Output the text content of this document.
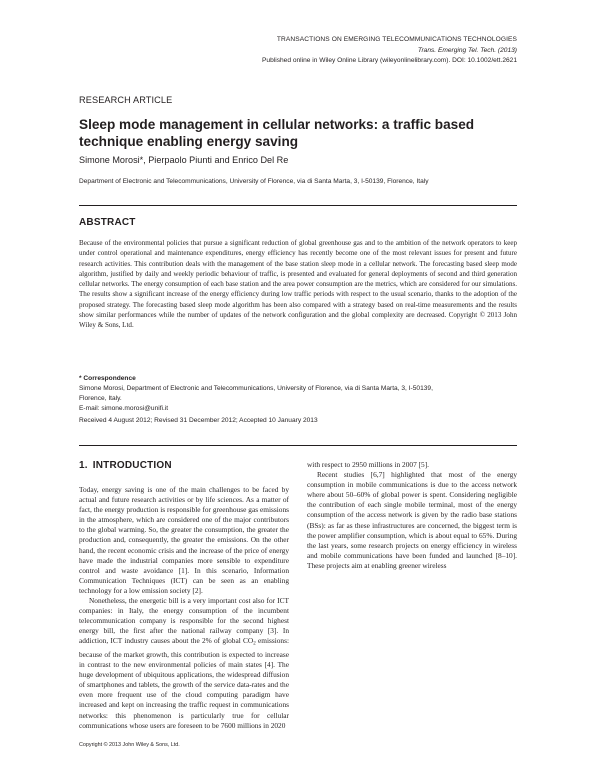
TRANSACTIONS ON EMERGING TELECOMMUNICATIONS TECHNOLOGIES
Trans. Emerging Tel. Tech. (2013)
Published online in Wiley Online Library (wileyonlinelibrary.com). DOI: 10.1002/ett.2621
RESEARCH ARTICLE
Sleep mode management in cellular networks: a traffic based technique enabling energy saving
Simone Morosi*, Pierpaolo Piunti and Enrico Del Re
Department of Electronic and Telecommunications, University of Florence, via di Santa Marta, 3, I-50139, Florence, Italy
ABSTRACT

Because of the environmental policies that pursue a significant reduction of global greenhouse gas and to the ambition of the network operators to keep under control operational and maintenance expenditures, energy efficiency has recently become one of the most relevant issues for present and future research activities. This contribution deals with the management of the base station sleep mode in a cellular network. The forecasting based sleep mode algorithm, justified by daily and weekly periodic behaviour of traffic, is presented and evaluated for general deployments of second and third generation cellular networks. The energy consumption of each base station and the area power consumption are the metrics, which are considered for our simulations. The results show a significant increase of the energy efficiency during low traffic periods with respect to the usual scenario, thanks to the adoption of the proposed strategy. The forecasting based sleep mode algorithm has been also compared with a strategy based on real-time measurements and the results show similar performances while the number of updates of the network configuration and the global complexity are decreased. Copyright © 2013 John Wiley & Sons, Ltd.

* Correspondence
Simone Morosi, Department of Electronic and Telecommunications, University of Florence, via di Santa Marta, 3, I-50139,
Florence, Italy.
E-mail: simone.morosi@unifi.it
Received 4 August 2012; Revised 31 December 2012; Accepted 10 January 2013
1. INTRODUCTION

Today, energy saving is one of the main challenges to be faced by actual and future research activities or by life sciences. As a matter of fact, the energy production is responsible for greenhouse gas emissions in the atmosphere, which are considered one of the major contributors to the global warming. So, the greater the consumption, the greater the production and, consequently, the greater the emissions. On the other hand, the recent economic crisis and the increase of the price of energy have made the industrial companies more sensible to expenditure control and waste avoidance [1]. In this scenario, Information Communication Techniques (ICT) can be seen as an enabling technology for a low emission society [2].

Nonetheless, the energetic bill is a very important cost also for ICT companies: in Italy, the energy consumption of the incumbent telecommunication company is responsible for the second highest energy bill, the first after the national railway company [3]. In addiction, ICT industry causes about the 2% of global $CO_2$ emissions: because of the market growth, this contribution is expected to increase in contrast to the new environmental policies of main states [4]. The huge development of ubiquitous applications, the widespread diffusion of smartphones and tablets, the growth of the service data-rates and the even more frequent use of the cloud computing paradigm have increased and kept on increasing the traffic request in communications networks: this phenomenon is particularly true for cellular communications whose users are foreseen to be 7600 millions in 2020

with respect to 2950 millions in 2007 [5].

Recent studies [6,7] highlighted that most of the energy consumption in mobile communications is due to the access network where about 50–60% of global power is spent. Considering negligible the contribution of each single mobile terminal, most of the energy consumption of the access network is given by the radio base stations (BSs): as far as these infrastructures are concerned, the biggest term is the power amplifier consumption, which is about equal to 65%. During the last years, some research projects on energy efficiency in wireless and mobile communications have been funded and launched [8–10]. These projects aim at enabling greener wireless

Copyright © 2013 John Wiley & Sons, Ltd.
